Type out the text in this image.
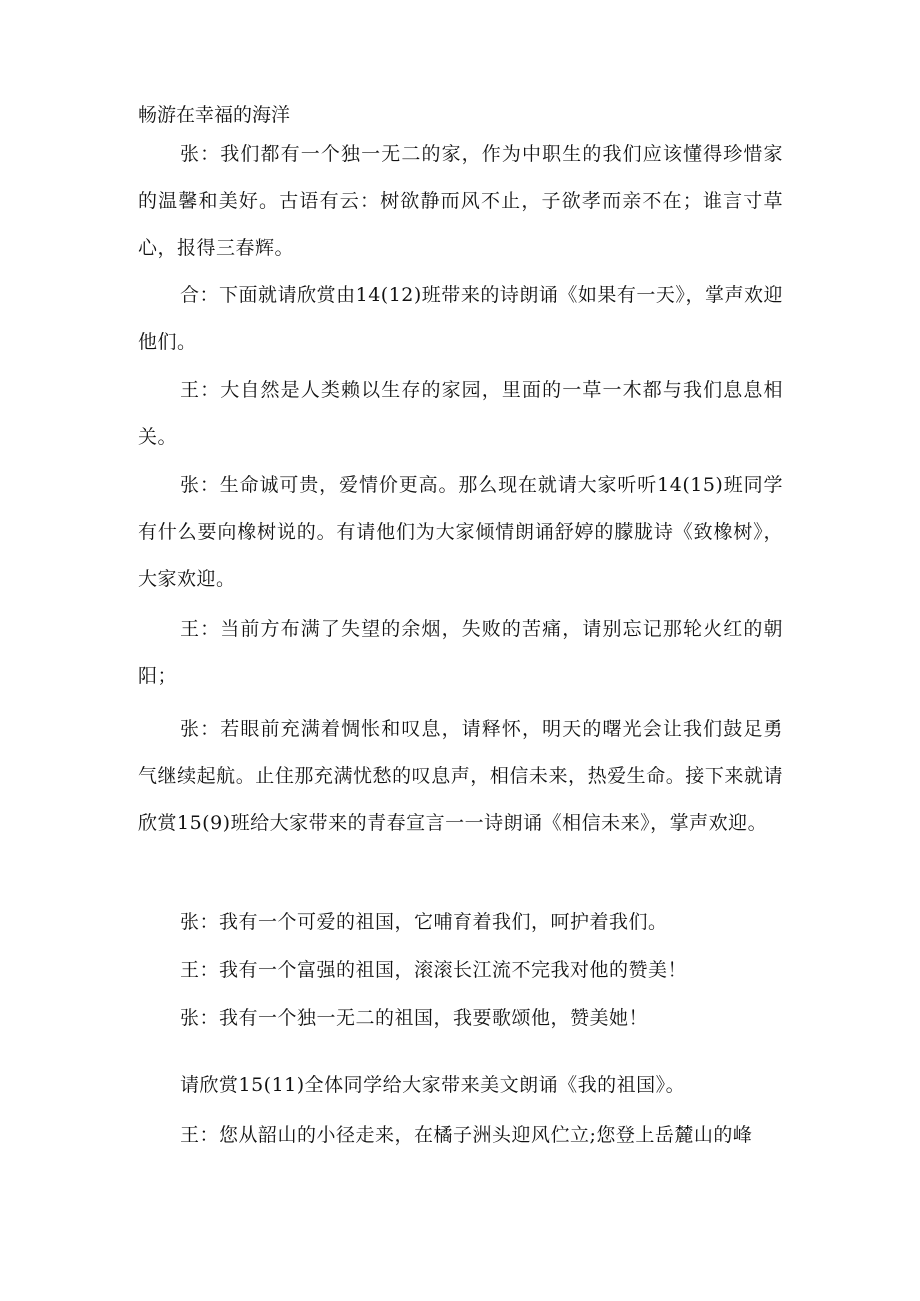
畅游在幸福的海洋

张：我们都有一个独一无二的家，作为中职生的我们应该懂得珍惜家的温馨和美好。古语有云：树欲静而风不止，子欲孝而亲不在；谁言寸草心，报得三春辉。

合：下面就请欣赏由14(12)班带来的诗朗诵《如果有一天》，掌声欢迎他们。

王：大自然是人类赖以生存的家园，里面的一草一木都与我们息息相关。

张：生命诚可贵，爱情价更高。那么现在就请大家听听14(15)班同学有什么要向橡树说的。有请他们为大家倾情朗诵舒婷的朦胧诗《致橡树》，大家欢迎。

王：当前方布满了失望的余烟，失败的苦痛，请别忘记那轮火红的朝阳；

张：若眼前充满着惆怅和叹息，请释怀，明天的曙光会让我们鼓足勇气继续起航。止住那充满忧愁的叹息声，相信未来，热爱生命。接下来就请欣赏15(9)班给大家带来的青春宣言一一诗朗诵《相信未来》，掌声欢迎。

张：我有一个可爱的祖国，它哺育着我们，呵护着我们。

王：我有一个富强的祖国，滚滚长江流不完我对他的赞美！

张：我有一个独一无二的祖国，我要歌颂他，赞美她！

请欣赏15(11)全体同学给大家带来美文朗诵《我的祖国》。

王：您从韶山的小径走来，在橘子洲头迎风伫立;您登上岳麓山的峰
